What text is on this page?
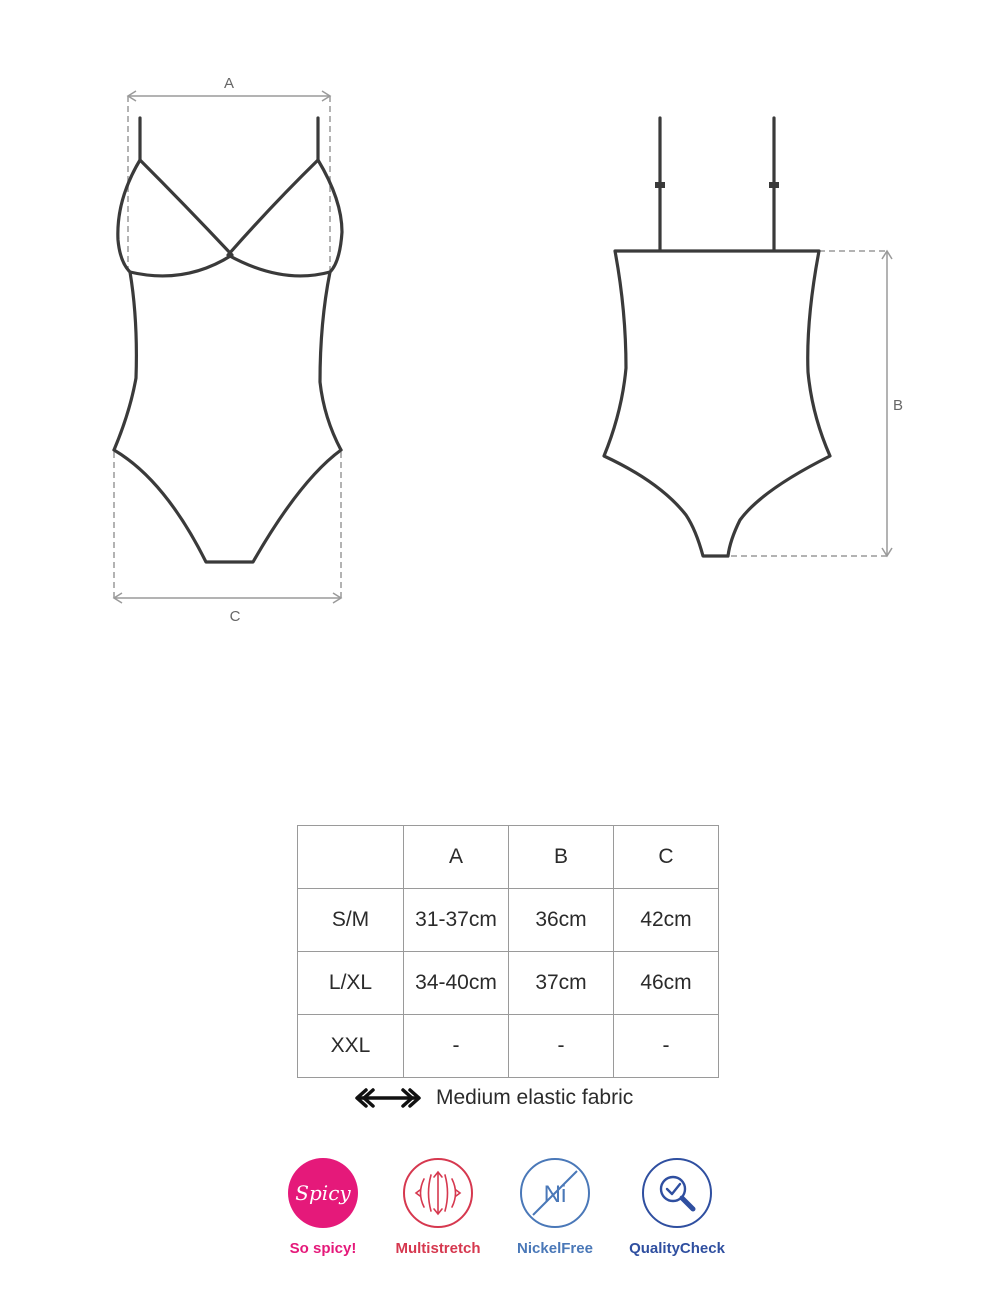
A
C
B
	A	B	C
S/M	31-37cm	36cm	42cm
L/XL	34-40cm	37cm	46cm
XXL	-	-	-
Medium elastic fabric
Spicy
So spicy!	Multistretch
Ni
NickelFree	QualityCheck
